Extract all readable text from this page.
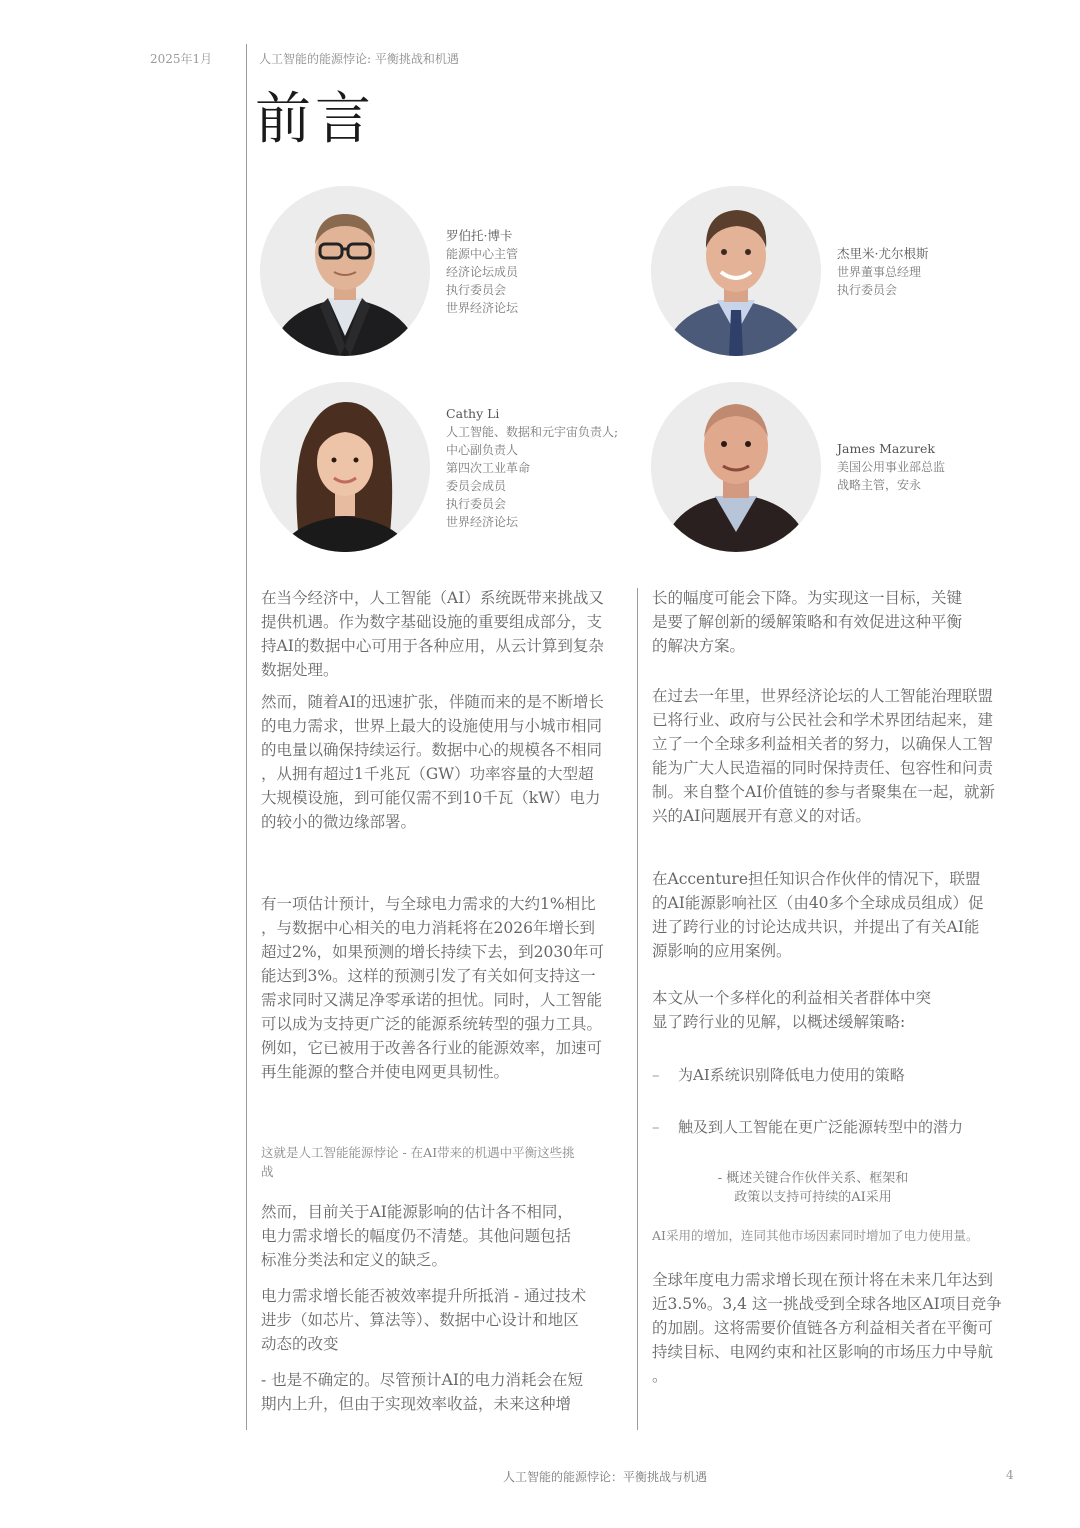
2025年1月	人工智能的能源悖论: 平衡挑战和机遇
前言
罗伯托·博卡
能源中心主管
经济论坛成员
执行委员会
世界经济论坛
杰里米·尤尔根斯
世界董事总经理
执行委员会
Cathy Li
人工智能、数据和元宇宙负责人;
中心副负责人
第四次工业革命
委员会成员
执行委员会
世界经济论坛
James Mazurek
美国公用事业部总监
战略主管，安永
在当今经济中，人工智能（AI）系统既带来挑战又
提供机遇。作为数字基础设施的重要组成部分，支
持AI的数据中心可用于各种应用，从云计算到复杂
数据处理。
然而，随着AI的迅速扩张，伴随而来的是不断增长
的电力需求，世界上最大的设施使用与小城市相同
的电量以确保持续运行。数据中心的规模各不相同
，从拥有超过1千兆瓦（GW）功率容量的大型超
大规模设施，到可能仅需不到10千瓦（kW）电力
的较小的微边缘部署。
有一项估计预计，与全球电力需求的大约1%相比
，与数据中心相关的电力消耗将在2026年增长到
超过2%，如果预测的增长持续下去，到2030年可
能达到3%。这样的预测引发了有关如何支持这一
需求同时又满足净零承诺的担忧。同时，人工智能
可以成为支持更广泛的能源系统转型的强力工具。
例如，它已被用于改善各行业的能源效率，加速可
再生能源的整合并使电网更具韧性。
这就是人工智能能源悖论 - 在AI带来的机遇中平衡这些挑
战
然而，目前关于AI能源影响的估计各不相同，
电力需求增长的幅度仍不清楚。其他问题包括
标准分类法和定义的缺乏。
电力需求增长能否被效率提升所抵消 - 通过技术
进步（如芯片、算法等）、数据中心设计和地区
动态的改变
- 也是不确定的。尽管预计AI的电力消耗会在短
期内上升，但由于实现效率收益，未来这种增
长的幅度可能会下降。为实现这一目标，关键
是要了解创新的缓解策略和有效促进这种平衡
的解决方案。
在过去一年里，世界经济论坛的人工智能治理联盟
已将行业、政府与公民社会和学术界团结起来，建
立了一个全球多利益相关者的努力，以确保人工智
能为广大人民造福的同时保持责任、包容性和问责
制。来自整个AI价值链的参与者聚集在一起，就新
兴的AI问题展开有意义的对话。
在Accenture担任知识合作伙伴的情况下，联盟
的AI能源影响社区（由40多个全球成员组成）促
进了跨行业的讨论达成共识，并提出了有关AI能
源影响的应用案例。
本文从一个多样化的利益相关者群体中突
显了跨行业的见解，以概述缓解策略:
– 为AI系统识别降低电力使用的策略
– 触及到人工智能在更广泛能源转型中的潜力
- 概述关键合作伙伴关系、框架和
政策以支持可持续的AI采用
AI采用的增加，连同其他市场因素同时增加了电力使用量。
全球年度电力需求增长现在预计将在未来几年达到
近3.5%。3,4 这一挑战受到全球各地区AI项目竞争
的加剧。这将需要价值链各方利益相关者在平衡可
持续目标、电网约束和社区影响的市场压力中导航
。
人工智能的能源悖论：平衡挑战与机遇	4
